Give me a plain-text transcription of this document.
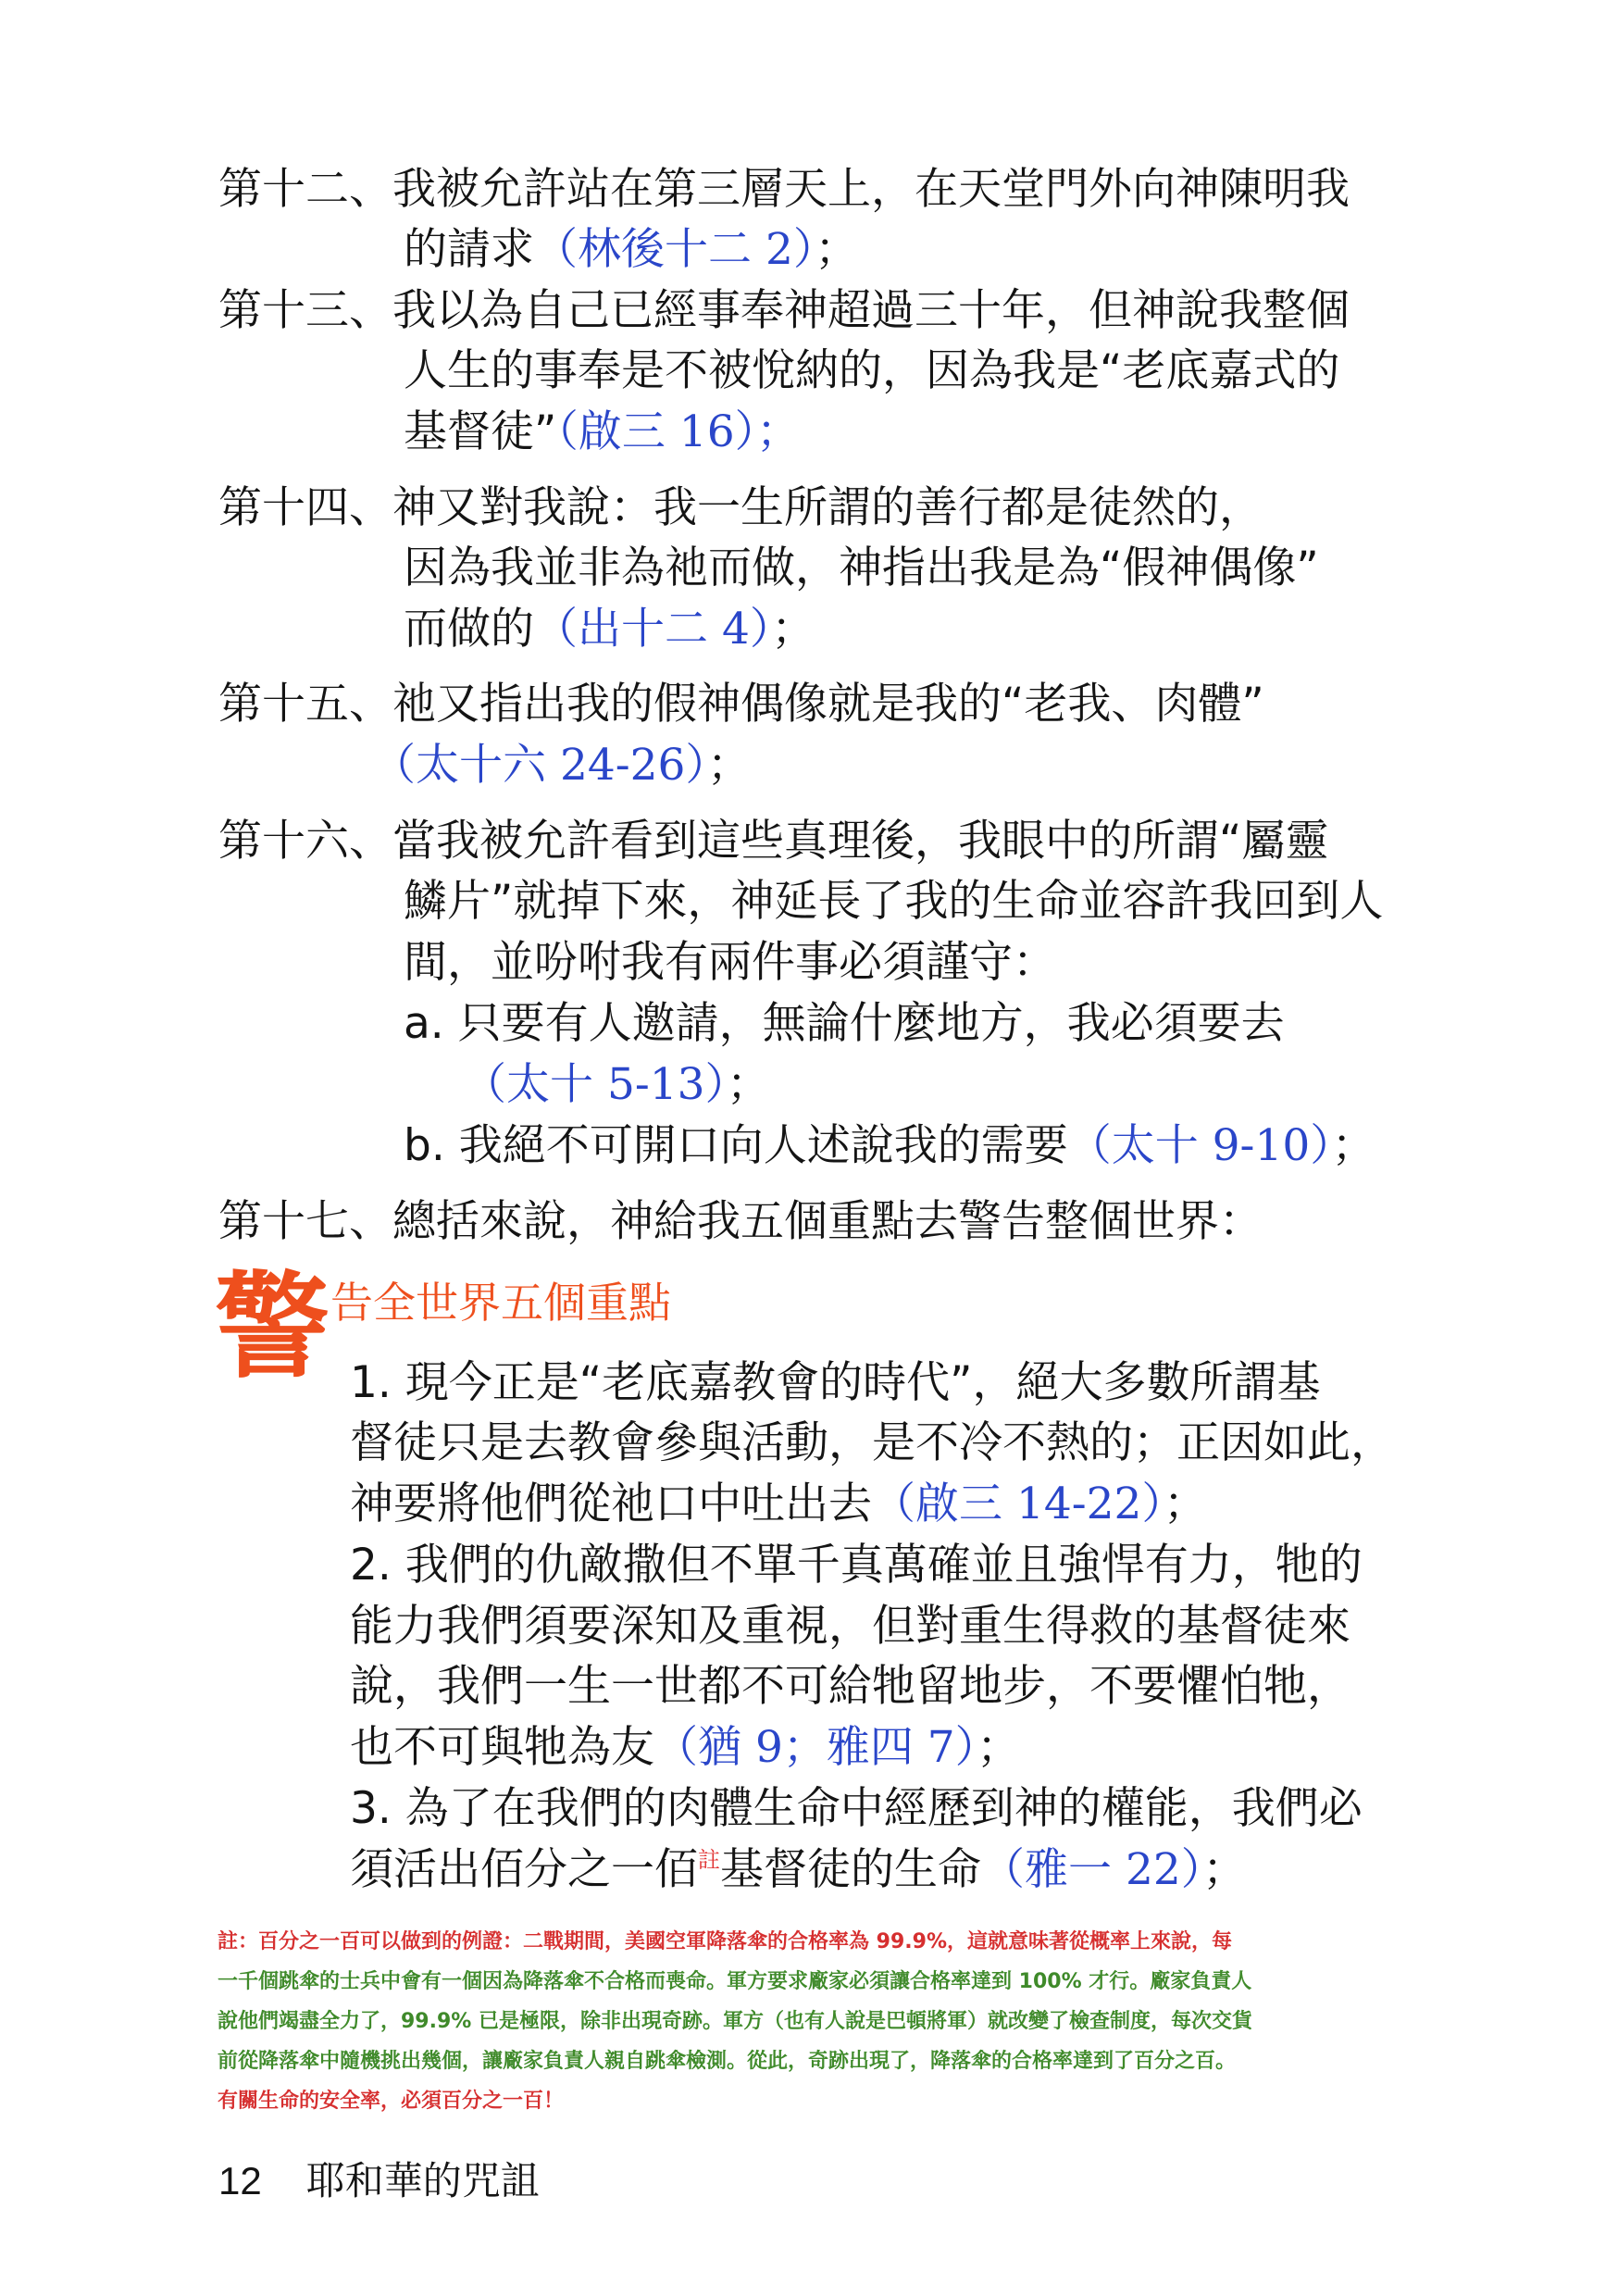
第十二、我被允許站在第三層天上，在天堂門外向神陳明我
的請求（林後十二 2）；
第十三、我以為自己已經事奉神超過三十年，但神說我整個
人生的事奉是不被悅納的，因為我是“老底嘉式的
基督徒”（啟三 16）；
第十四、神又對我說：我一生所謂的善行都是徒然的，
因為我並非為祂而做，神指出我是為“假神偶像”
而做的（出十二 4）；
第十五、祂又指出我的假神偶像就是我的“老我、肉體”
（太十六 24-26）；
第十六、當我被允許看到這些真理後，我眼中的所謂“屬靈
鱗片”就掉下來，神延長了我的生命並容許我回到人
間，並吩咐我有兩件事必須謹守：
a. 只要有人邀請，無論什麼地方，我必須要去
（太十 5-13）；
b. 我絕不可開口向人述說我的需要（太十 9-10）；
第十七、總括來說，神給我五個重點去警告整個世界：
警 告全世界五個重點
1. 現今正是“老底嘉教會的時代”，絕大多數所謂基
督徒只是去教會參與活動，是不冷不熱的；正因如此，
神要將他們從祂口中吐出去（啟三 14-22）；
2. 我們的仇敵撒但不單千真萬確並且強悍有力，牠的
能力我們須要深知及重視，但對重生得救的基督徒來
說，我們一生一世都不可給牠留地步，不要懼怕牠，
也不可與牠為友（猶 9；雅四 7）；
3. 為了在我們的肉體生命中經歷到神的權能，我們必
須活出佰分之一佰$^註$基督徒的生命（雅一 22）；
註：百分之一百可以做到的例證：二戰期間，美國空軍降落傘的合格率為 99.9%，這就意味著從概率上來說，每
一千個跳傘的士兵中會有一個因為降落傘不合格而喪命。軍方要求廠家必須讓合格率達到 100% 才行。廠家負責人
說他們竭盡全力了，99.9% 已是極限，除非出現奇跡。軍方（也有人說是巴頓將軍）就改變了檢查制度，每次交貨
前從降落傘中隨機挑出幾個，讓廠家負責人親自跳傘檢測。從此，奇跡出現了，降落傘的合格率達到了百分之百。
有關生命的安全率，必須百分之一百！
12 耶和華的咒詛
